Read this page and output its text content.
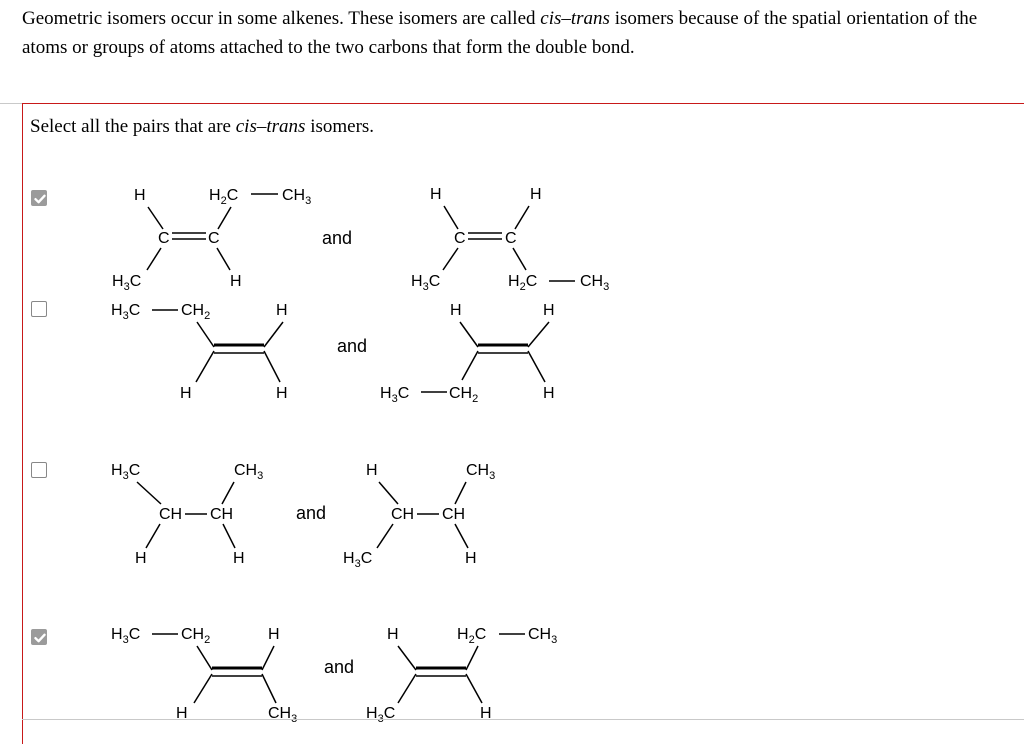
Geometric isomers occur in some alkenes. These isomers are called cis–trans isomers because of the spatial orientation of the atoms or groups of atoms attached to the two carbons that form the double bond.

Select all the pairs that are cis–trans isomers.

H	$H_2C$	$CH_3$
C C
$H_3C$	H
and
H	H
C C
$H_3C$	$H_2C$	$CH_3$
$H_3C$	$CH_2$	H
H	H
and
H	H
$H_3C$ $CH_2$	H
$H_3C$	$CH_3$
CH CH
H	H
and
H	$CH_3$
CH CH
$H_3C$	H
$H_3C$	$CH_2$	H
H	$CH_3$
and
H	$H_2C$	$CH_3$
$H_3C$	H
